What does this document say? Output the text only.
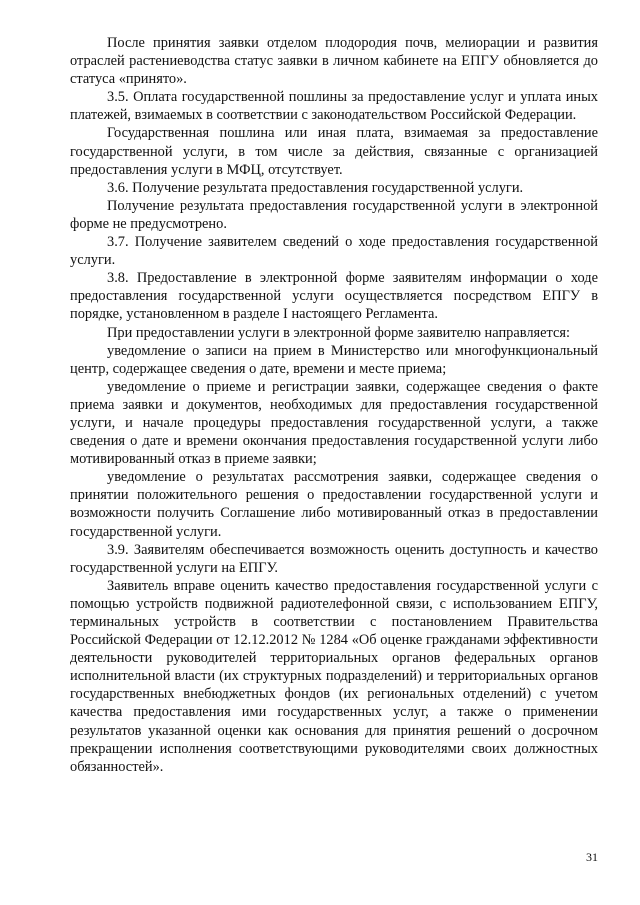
После принятия заявки отделом плодородия почв, мелиорации и развития отраслей растениеводства статус заявки в личном кабинете на ЕПГУ обновляется до статуса «принято».

3.5. Оплата государственной пошлины за предоставление услуг и уплата иных платежей, взимаемых в соответствии с законодательством Российской Федерации.

Государственная пошлина или иная плата, взимаемая за предоставление государственной услуги, в том числе за действия, связанные с организацией предоставления услуги в МФЦ, отсутствует.

3.6. Получение результата предоставления государственной услуги.

Получение результата предоставления государственной услуги в электронной форме не предусмотрено.

3.7. Получение заявителем сведений о ходе предоставления государственной услуги.

3.8. Предоставление в электронной форме заявителям информации о ходе предоставления государственной услуги осуществляется посредством ЕПГУ в порядке, установленном в разделе I настоящего Регламента.

При предоставлении услуги в электронной форме заявителю направляется:

уведомление о записи на прием в Министерство или многофункциональный центр, содержащее сведения о дате, времени и месте приема;

уведомление о приеме и регистрации заявки, содержащее сведения о факте приема заявки и документов, необходимых для предоставления государственной услуги, и начале процедуры предоставления государственной услуги, а также сведения о дате и времени окончания предоставления государственной услуги либо мотивированный отказ в приеме заявки;

уведомление о результатах рассмотрения заявки, содержащее сведения о принятии положительного решения о предоставлении государственной услуги и возможности получить Соглашение либо мотивированный отказ в предоставлении государственной услуги.

3.9. Заявителям обеспечивается возможность оценить доступность и качество государственной услуги на ЕПГУ.

Заявитель вправе оценить качество предоставления государственной услуги с помощью устройств подвижной радиотелефонной связи, с использованием ЕПГУ, терминальных устройств в соответствии с постановлением Правительства Российской Федерации от 12.12.2012 № 1284 «Об оценке гражданами эффективности деятельности руководителей территориальных органов федеральных органов исполнительной власти (их структурных подразделений) и территориальных органов государственных внебюджетных фондов (их региональных отделений) с учетом качества предоставления ими государственных услуг, а также о применении результатов указанной оценки как основания для принятия решений о досрочном прекращении исполнения соответствующими руководителями своих должностных обязанностей».

31
